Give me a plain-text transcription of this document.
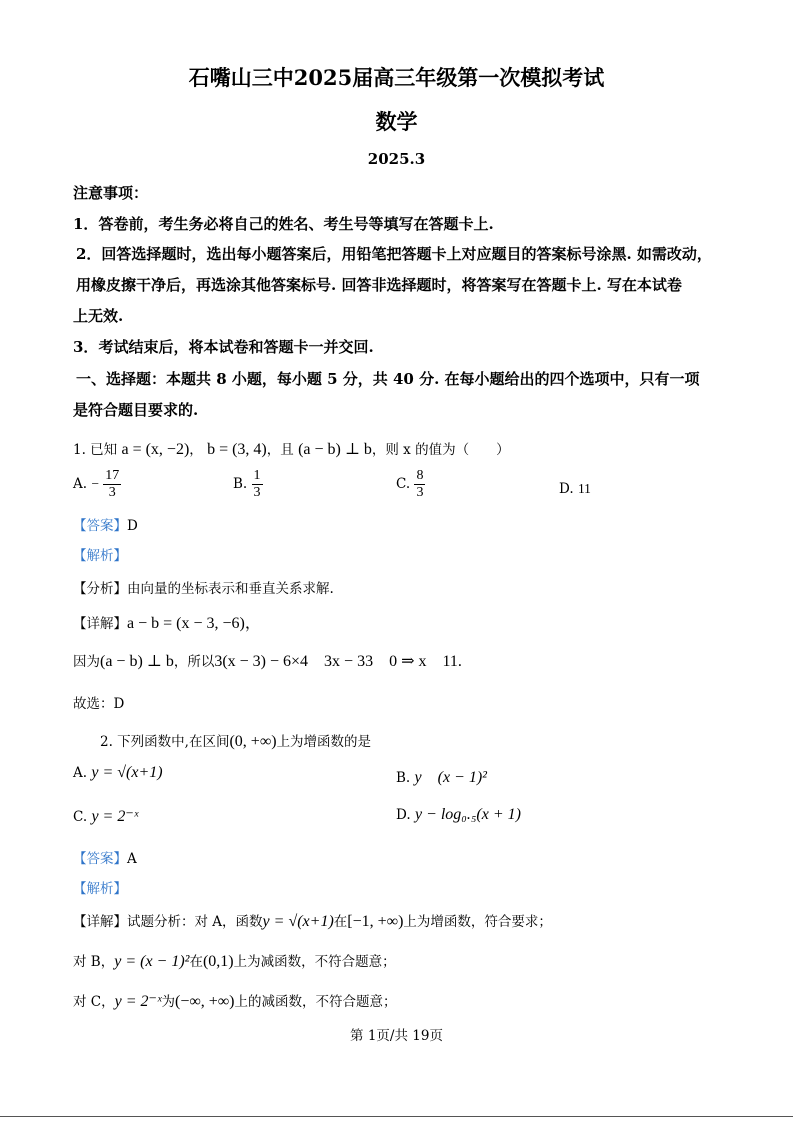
石嘴山三中2025届高三年级第一次模拟考试
数学
2025.3
注意事项：
1．答卷前，考生务必将自己的姓名、考生号等填写在答题卡上.
2．回答选择题时，选出每小题答案后，用铅笔把答题卡上对应题目的答案标号涂黑. 如需改动，
用橡皮擦干净后，再选涂其他答案标号. 回答非选择题时，将答案写在答题卡上. 写在本试卷
上无效.
3．考试结束后，将本试卷和答题卡一并交回.
一、选择题：本题共 8 小题，每小题 5 分，共 40 分. 在每小题给出的四个选项中，只有一项
是符合题目要求的.
1. 已知 a = (x, −2)， b = (3, 4)，且 (a − b) ⊥ b，则 x 的值为（　　）
A. − $\frac{17}{3}$	B. $\frac{1}{3}$	C. $\frac{8}{3}$	D. 11
【答案】D
【解析】
【分析】由向量的坐标表示和垂直关系求解.
【详解】a − b = (x − 3, −6)，
因为(a − b) ⊥ b，所以3(x − 3) − 6×4　3x − 33　0 ⇒ x　11.
故选：D
2. 下列函数中,在区间(0, +∞)上为增函数的是
A. y = √(x+1)	B. y　(x − 1)²
C. y = 2⁻ˣ	D. y − log₀.₅(x + 1)
【答案】A
【解析】
【详解】试题分析：对 A，函数y = √(x+1)在[−1, +∞)上为增函数，符合要求；
对 B，y = (x − 1)²在(0,1)上为减函数，不符合题意；
对 C，y = 2⁻ˣ为(−∞, +∞)上的减函数，不符合题意；
第 1页/共 19页
